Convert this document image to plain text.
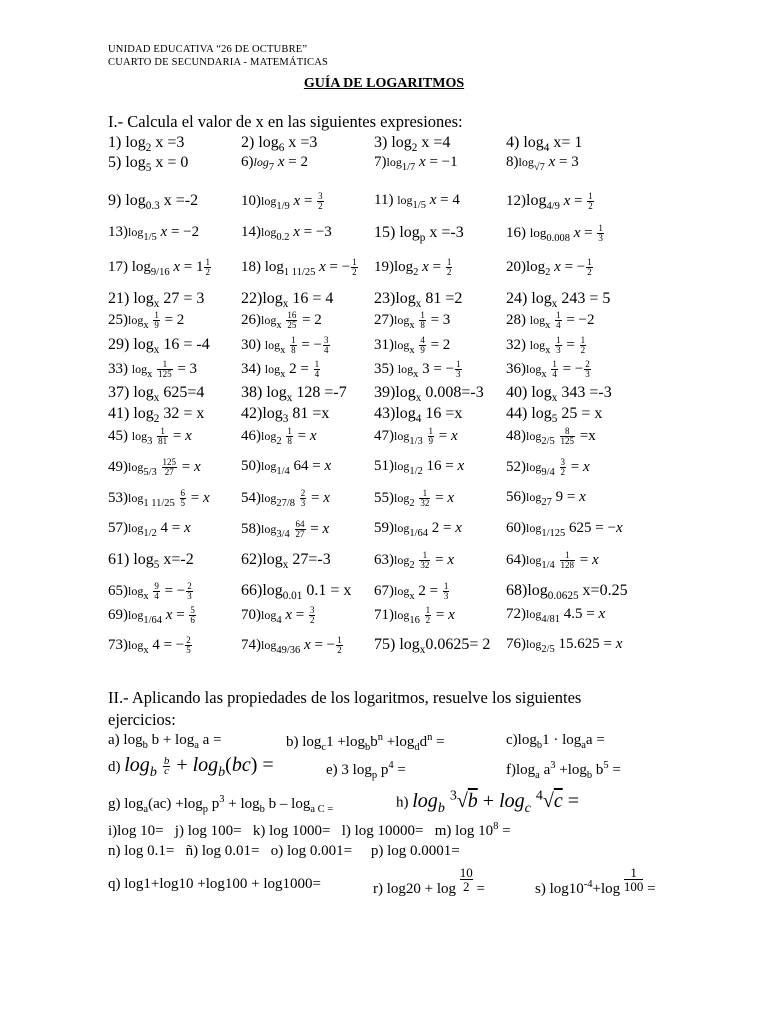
UNIDAD EDUCATIVA “26 DE OCTUBRE”
CUARTO DE SECUNDARIA - MATEMÁTICAS
GUÍA DE LOGARITMOS
I.- Calcula el valor de x en las siguientes expresiones:
1) $\log_2 x =3$	2) $\log_6 x =3$	3) $\log_2 x =4$	4) $\log_4 x= 1$
5) $\log_5 x = 0$	$6)\log_7$ x = 2	$7)\log_{1/7}$ x = −1	$8)\log_{√7}$ x = 3
9) $\log_{0.3} x =-2$	$10)\log_{1/9}$ $x = \frac{3}{2}$	11) $\log_{1/5} x = 4$	$12)\log_{4/9}$ $x = \frac{1}{2}$
$13)\log_{1/5}$ x = −2	$14)\log_{0.2}$ x = −3	15) $\log_p x =-3$	16) $\log_{0.008} x = \frac{1}{3}$
17) $\log_{9/16} x = 1 \frac{1}{2} 18$) $\log_{1 11/25} x$ = − $\frac{1}{2} 19)\log_2$ $x = \frac{1}{2}$	$20)\log_2$ x = − $\frac{1}{2}$
21) $\log_x 27 = 3$ $22)\log_x$ 16 = 4	$23)\log_x$ 81 =2	24) $\log_x 243 = 5$
$25)\log_x \frac{1}{9} = 2$	$26)\log_x \frac{16}{25} = 2$	$27)\log_x \frac{1}{8} = 3$	28) $\log_x \frac{1}{4} = -2$
29) $\log_x 16 = -4$ 30) $\log_x \frac{1}{8}$ = − $\frac{3}{4}$	$31)\log_x \frac{4}{9} = 2$	32) $\log_x \frac{1}{3} = \frac{1}{2}$
33) $\log_x \frac{1}{125} = 3$	34) $\log_x 2 = \frac{1}{4}$	35) $\log_x 3$ = − $\frac{1}{3}$	$36)\log_x \frac{1}{4}$ = − $\frac{2}{3}$
37) $\log_x 625=4$ 38) $\log_x 128 =-7$ $39)\log_x$ 0.008=-3 40) $\log_x 343 =-3$
41) $\log_2 32 = x$ $42)\log_3$ 81 =x	$43)\log_4$ 16 =x	44) $\log_5 25 = x$
45) $\log_3 \frac{1}{81} = x$	$46)\log_2 \frac{1}{8} = x$	$47)\log_{1/3} \frac{1}{9} = x$	$48)\log_{2/5} \frac{8}{125} =x$
$49)\log_{5/3} \frac{125}{27} = x$	$50)\log_{1/4}$ 64 = x	$51)\log_{1/2}$ 16 = x	$52)\log_{9/4} \frac{3}{2} = x$
$53)\log_{1 11/25} \frac{6}{5} = x$ $54)\log_{27/8} \frac{2}{3} = x$	$55)\log_2 \frac{1}{32} = x$	$56)\log_{27}$ 9 = x
$57)\log_{1/2}$ 4 = x	$58)\log_{3/4} \frac{64}{27} = x$	$59)\log_{1/64}$ 2 = x	$60)\log_{1/125}$ 625 = −x
61) $\log_5 x=-2$	$62)\log_x$ 27=-3	$63)\log_2 \frac{1}{32} = x$	$64)\log_{1/4} \frac{1}{128} = x$
$65)\log_x \frac{9}{4}$ = − $\frac{2}{3}$	$66)\log_{0.01}$ 0.1 = x $67)\log_x$ $2 = \frac{1}{3}$	$68)\log_{0.0625}$ x=0.25
$69)\log_{1/64}$ $x = \frac{5}{6}$	$70)\log_4$ $x = \frac{3}{2}$	$71)\log_{16} \frac{1}{2} = x$	$72)\log_{4/81}$ 4.5 = x
$73)\log_x$ 4 = − $\frac{2}{5}$	$74)\log_{49/36}$ x = − $\frac{1}{2} 75$) $\log_x0.0625= 2$ $76)\log_{2/5}$ 15.625 = x
II.- Aplicando las propiedades de los logaritmos, resuelve los siguientes
ejercicios:
a) $\log_b b + \log_a a$ =	b) $\log_c1 +\log_bb^n +\log_dd^n$ =	$c)\log_b1 \cdot \log_aa$ =
d) $\log_b \frac{b}{c} + \log_b(bc)$ =	e) 3 $\log_p p^4$ =	$f)\log_a$ $a^3 +\log_b$ $b^5$ =
g) $\log_a(ac) +\log_p$ $p^3 + \log_b b - \log_{a C =}$	h) $\log_b ^3√b + \log_c ^4√c$ =
i)log 10=   j) log 100=   k) log 1000=   l) log 10000=   m) $\log 10^8$ =
n) log 0.1=   ñ) log 0.01=   o) log 0.001=     p) log 0.0001=
q) log1+log10 +log100 + log1000=	r) $\log 20 + \log \frac{10}{2}$ =	s) $\log 10^{-4}+\log \frac{1}{100}$ =
